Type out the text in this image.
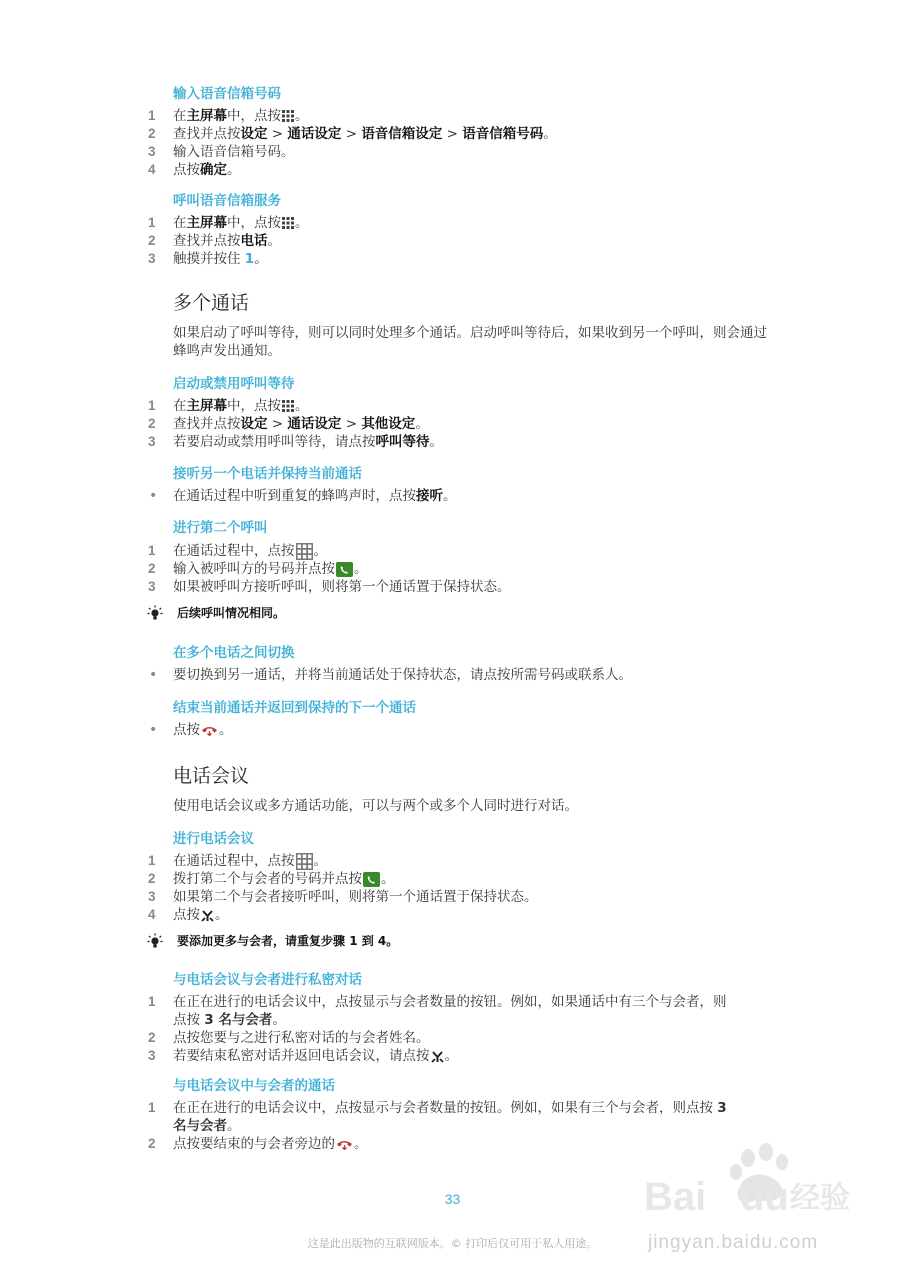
输入语音信箱号码
1	在主屏幕中，点按 。
2	查找并点按设定 > 通话设定 > 语音信箱设定 > 语音信箱号码。
3	输入语音信箱号码。
4	点按确定。
呼叫语音信箱服务
1	在主屏幕中，点按 。
2	查找并点按电话。
3	触摸并按住 1。
多个通话

如果启动了呼叫等待，则可以同时处理多个通话。启动呼叫等待后，如果收到另一个呼叫，则会通过蜂鸣声发出通知。

启动或禁用呼叫等待
1	在主屏幕中，点按 。
2	查找并点按设定 > 通话设定 > 其他设定。
3	若要启动或禁用呼叫等待，请点按呼叫等待。
接听另一个电话并保持当前通话
• 在通话过程中听到重复的蜂鸣声时，点按接听。
进行第二个呼叫
1	在通话过程中，点按 。
2	输入被呼叫方的号码并点按 。
3	如果被呼叫方接听呼叫，则将第一个通话置于保持状态。
后续呼叫情况相同。
在多个电话之间切换
• 要切换到另一通话，并将当前通话处于保持状态，请点按所需号码或联系人。
结束当前通话并返回到保持的下一个通话
• 点按 。
电话会议

使用电话会议或多方通话功能，可以与两个或多个人同时进行对话。

进行电话会议
1	在通话过程中，点按 。
2	拨打第二个与会者的号码并点按 。
3	如果第二个与会者接听呼叫，则将第一个通话置于保持状态。
4	点按 。
要添加更多与会者，请重复步骤 1 到 4。
与电话会议与会者进行私密对话
1	在正在进行的电话会议中，点按显示与会者数量的按钮。例如，如果通话中有三个与会者，则点按 3 名与会者。
2	点按您要与之进行私密对话的与会者姓名。
3	若要结束私密对话并返回电话会议，请点按 。
与电话会议中与会者的通话
1	在正在进行的电话会议中，点按显示与会者数量的按钮。例如，如果有三个与会者，则点按 3 名与会者。
2	点按要结束的与会者旁边的 。
33	Bai du 经验
jingyan.baidu.com
这是此出版物的互联网版本。© 打印后仅可用于私人用途。
